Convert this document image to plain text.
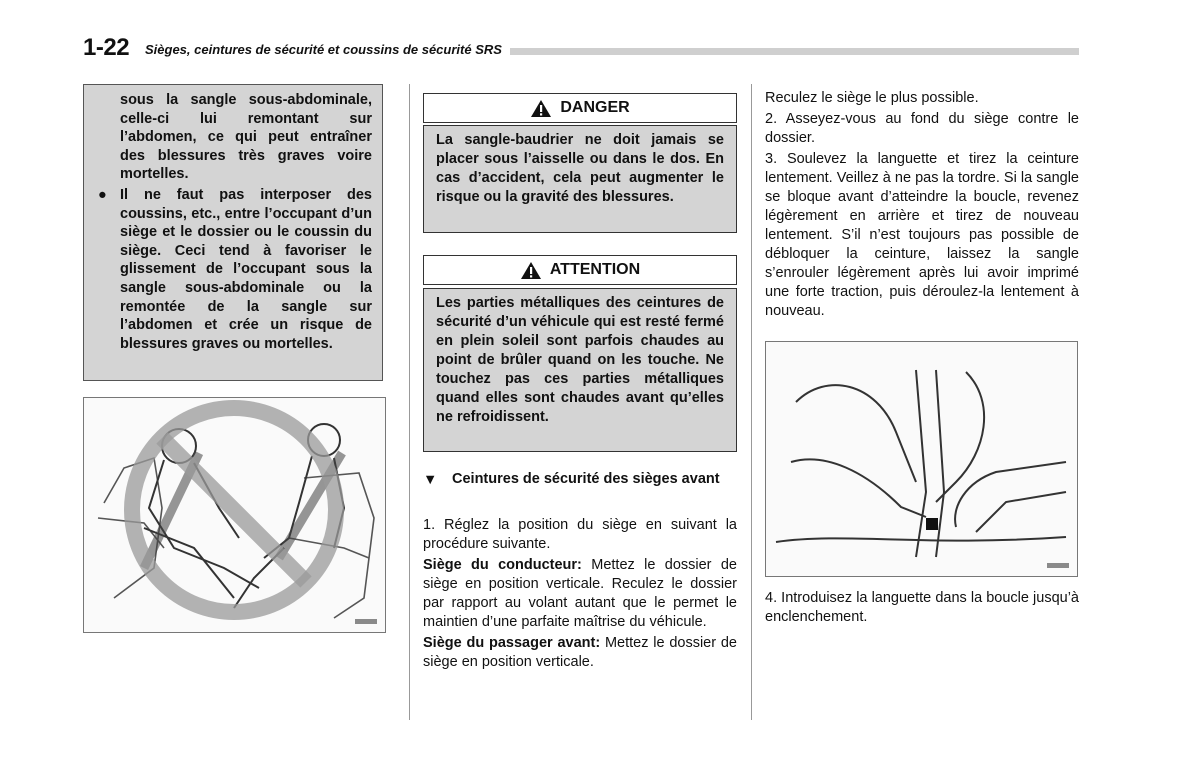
1-22 Sièges, ceintures de sécurité et coussins de sécurité SRS

sous la sangle sous-abdominale, celle-ci lui remontant sur l’abdomen, ce qui peut entraîner des blessures très graves voire mortelles.

● Il ne faut pas interposer des coussins, etc., entre l’occupant d’un siège et le dossier ou le coussin du siège. Ceci tend à favoriser le glissement de l’occupant sous la sangle sous-abdominale ou la remontée de la sangle sur l’abdomen et crée un risque de blessures graves ou mortelles.

DANGER

La sangle-baudrier ne doit jamais se placer sous l’aisselle ou dans le dos. En cas d’accident, cela peut augmenter le risque ou la gravité des blessures.

ATTENTION

Les parties métalliques des ceintures de sécurité d’un véhicule qui est resté fermé en plein soleil sont parfois chaudes au point de brûler quand on les touche. Ne touchez pas ces parties métalliques quand elles sont chaudes avant qu’elles ne refroidissent.

▼ Ceintures de sécurité des sièges avant

1. Réglez la position du siège en suivant la procédure suivante.

Siège du conducteur: Mettez le dossier de siège en position verticale. Reculez le dossier par rapport au volant autant que le permet le maintien d’une parfaite maîtrise du véhicule.

Siège du passager avant: Mettez le dossier de siège en position verticale.

Reculez le siège le plus possible.

2. Asseyez-vous au fond du siège contre le dossier.

3. Soulevez la languette et tirez la ceinture lentement. Veillez à ne pas la tordre. Si la sangle se bloque avant d’atteindre la boucle, revenez légèrement en arrière et tirez de nouveau lentement. S’il n’est toujours pas possible de débloquer la ceinture, laissez la sangle s’enrouler légèrement après lui avoir imprimé une forte traction, puis déroulez-la lentement à nouveau.

4. Introduisez la languette dans la boucle jusqu’à enclenchement.
